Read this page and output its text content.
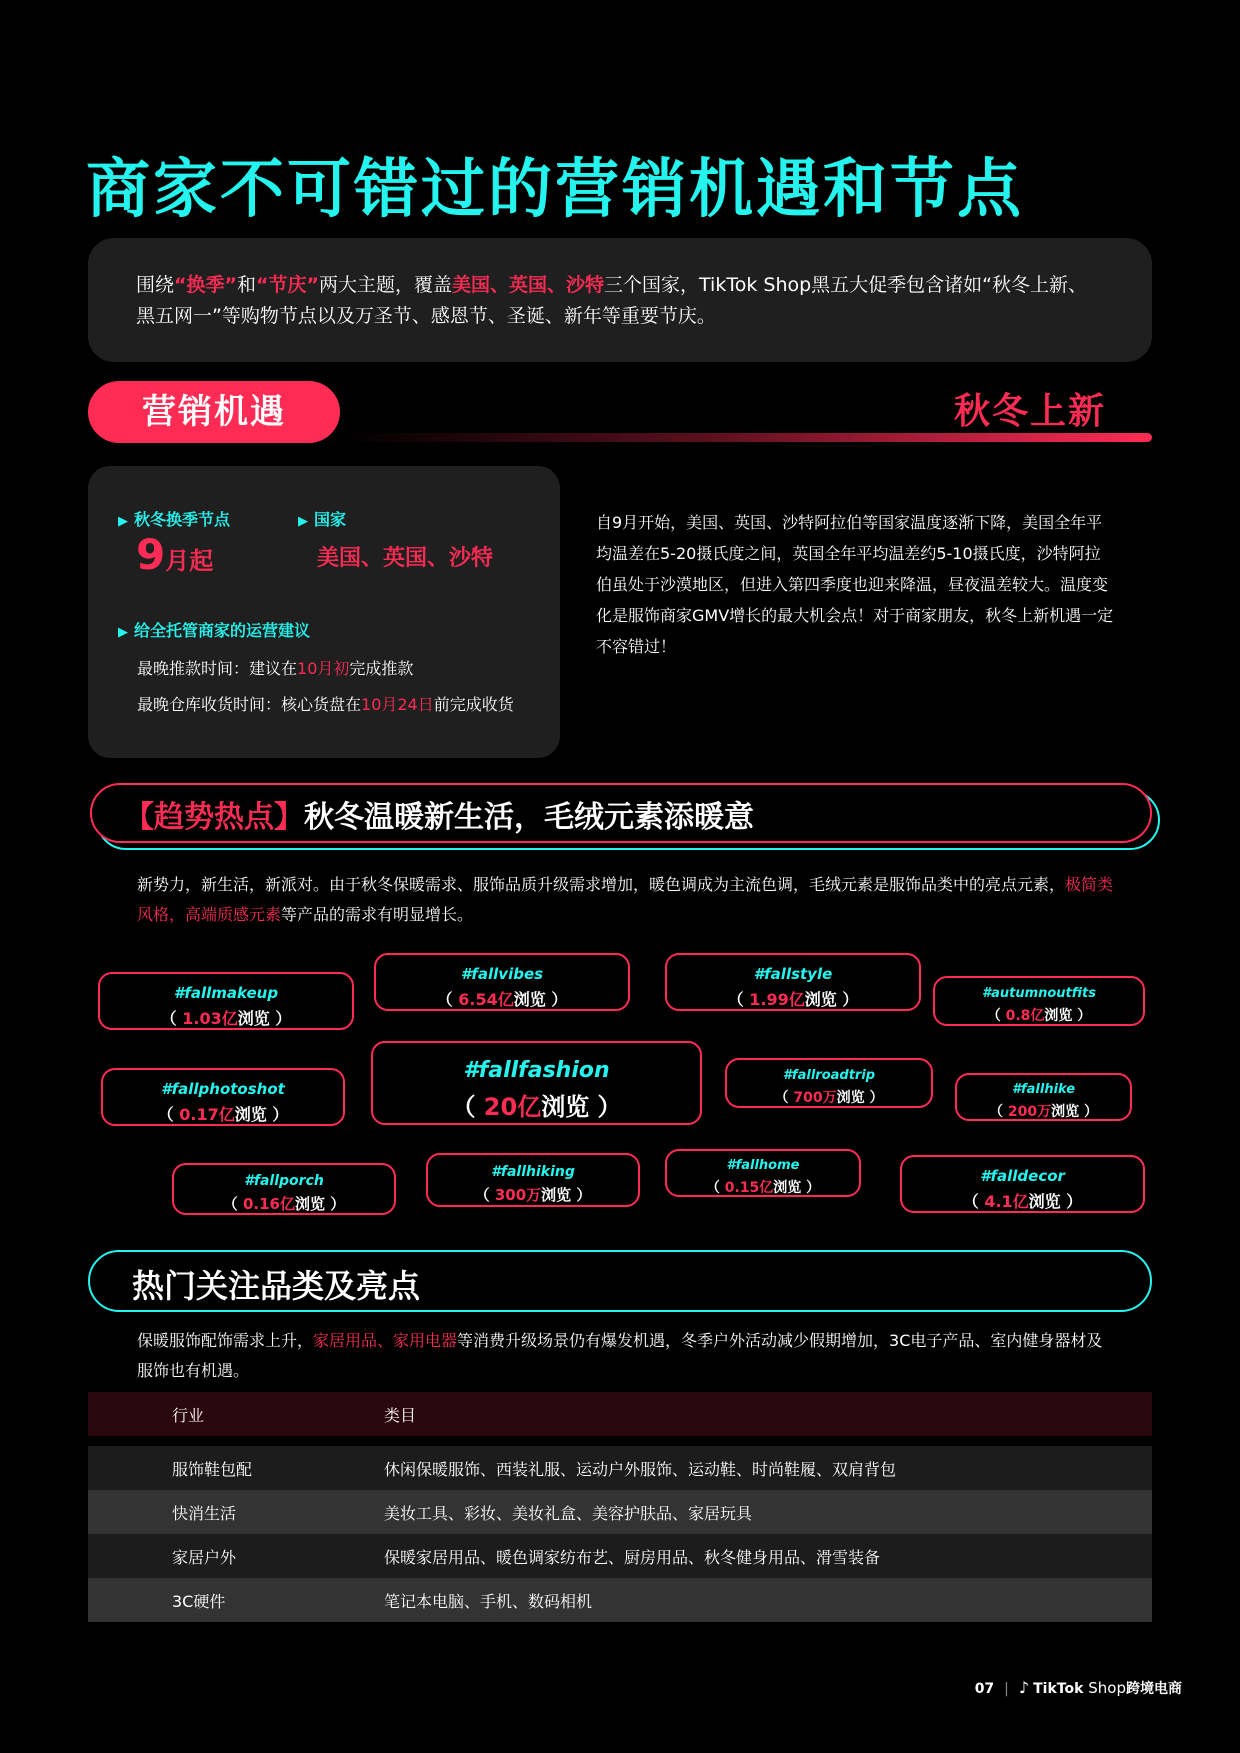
商家不可错过的营销机遇和节点
围绕“换季”和“节庆”两大主题，覆盖美国、英国、沙特三个国家，TikTok Shop黑五大促季包含诸如“秋冬上新、黑五网一”等购物节点以及万圣节、感恩节、圣诞、新年等重要节庆。
营销机遇	秋冬上新
▶ 秋冬换季节点
9月起
▶ 国家
美国、英国、沙特
▶ 给全托管商家的运营建议
最晚推款时间：建议在10月初完成推款
最晚仓库收货时间：核心货盘在10月24日前完成收货
自9月开始，美国、英国、沙特阿拉伯等国家温度逐渐下降，美国全年平均温差在5-20摄氏度之间，英国全年平均温差约5-10摄氏度，沙特阿拉伯虽处于沙漠地区，但进入第四季度也迎来降温，昼夜温差较大。温度变化是服饰商家GMV增长的最大机会点！对于商家朋友，秋冬上新机遇一定不容错过！
【趋势热点】秋冬温暖新生活，毛绒元素添暖意
新势力，新生活，新派对。由于秋冬保暖需求、服饰品质升级需求增加，暖色调成为主流色调，毛绒元素是服饰品类中的亮点元素，极简类风格，高端质感元素等产品的需求有明显增长。
#fallmakeup
（ 1.03亿浏览 ）
#fallvibes
（ 6.54亿浏览 ）
#fallstyle
（ 1.99亿浏览 ）	#autumnoutfits
（ 0.8亿浏览 ）
#fallphotoshot
（ 0.17亿浏览 ）
#fallfashion
（ 20亿浏览 ）
#fallroadtrip
（ 700万浏览 ）
#fallhike
（ 200万浏览 ）
#fallporch
（ 0.16亿浏览 ）
#fallhiking
（ 300万浏览 ）
#fallhome
（ 0.15亿浏览 ）
#falldecor
（ 4.1亿浏览 ）
热门关注品类及亮点
保暖服饰配饰需求上升，家居用品、家用电器等消费升级场景仍有爆发机遇，冬季户外活动减少假期增加，3C电子产品、室内健身器材及服饰也有机遇。
行业	类目

服饰鞋包配	休闲保暖服饰、西装礼服、运动户外服饰、运动鞋、时尚鞋履、双肩背包
快消生活	美妆工具、彩妆、美妆礼盒、美容护肤品、家居玩具
家居户外	保暖家居用品、暖色调家纺布艺、厨房用品、秋冬健身用品、滑雪装备
3C硬件	笔记本电脑、手机、数码相机
07 | ♪ TikTok Shop跨境电商
